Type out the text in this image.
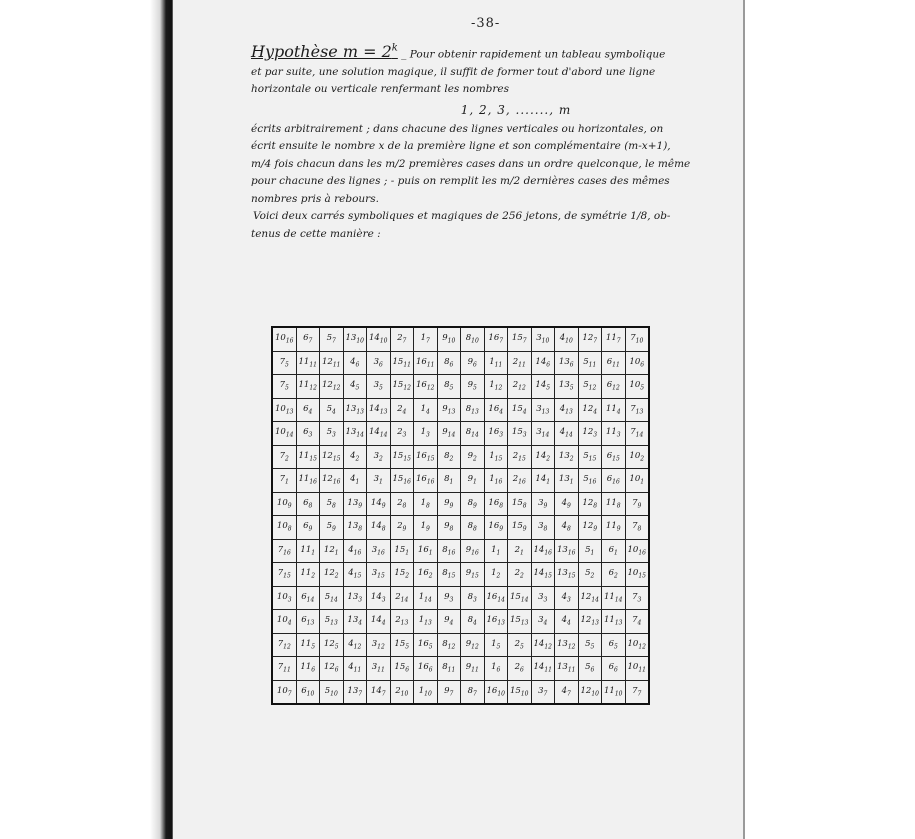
-38-
Hypothèse $m = 2^k$ _ Pour obtenir rapidement un tableau symbolique
et par suite, une solution magique, il suffit de former tout d'abord une ligne
horizontale ou verticale renfermant les nombres
1, 2, 3, ......., m
écrits arbitrairement ; dans chacune des lignes verticales ou horizontales, on
écrit ensuite le nombre x de la première ligne et son complémentaire (m-x+1),
m/4 fois chacun dans les m/2 premières cases dans un ordre quelconque, le même
pour chacune des lignes ; - puis on remplit les m/2 dernières cases des mêmes
nombres pris à rebours.
Voici deux carrés symboliques et magiques de 256 jetons, de symétrie 1/8, ob-
tenus de cette manière :
$10_{16}$	$6_7$	$5_7$	$13_{10}$	$14_{10}$	$2_7$	$1_7$	$9_{10}$	$8_{10}$	$16_7$	$15_7$	$3_{10}$	$4_{10}$	$12_7$	$11_7$	$7_{10}$
$7_5$	$11_{11}$	$12_{11}$	$4_6$	$3_6$	$15_{11}$	$16_{11}$	$8_6$	$9_6$	$1_{11}$	$2_{11}$	$14_6$	$13_6$	$5_{11}$	$6_{11}$	$10_6$
$7_5$	$11_{12}$	$12_{12}$	$4_5$	$3_5$	$15_{12}$	$16_{12}$	$8_5$	$9_5$	$1_{12}$	$2_{12}$	$14_5$	$13_5$	$5_{12}$	$6_{12}$	$10_5$
$10_{13}$	$6_4$	$5_4$	$13_{13}$	$14_{13}$	$2_4$	$1_4$	$9_{13}$	$8_{13}$	$16_4$	$15_4$	$3_{13}$	$4_{13}$	$12_4$	$11_4$	$7_{13}$
$10_{14}$	$6_3$	$5_3$	$13_{14}$	$14_{14}$	$2_3$	$1_3$	$9_{14}$	$8_{14}$	$16_3$	$15_3$	$3_{14}$	$4_{14}$	$12_3$	$11_3$	$7_{14}$
$7_2$	$11_{15}$	$12_{15}$	$4_2$	$3_2$	$15_{15}$	$16_{15}$	$8_2$	$9_2$	$1_{15}$	$2_{15}$	$14_2$	$13_2$	$5_{15}$	$6_{15}$	$10_2$
$7_1$	$11_{16}$	$12_{16}$	$4_1$	$3_1$	$15_{16}$	$16_{16}$	$8_1$	$9_1$	$1_{16}$	$2_{16}$	$14_1$	$13_1$	$5_{16}$	$6_{16}$	$10_1$
$10_9$	$6_8$	$5_8$	$13_9$	$14_9$	$2_8$	$1_8$	$9_9$	$8_9$	$16_8$	$15_8$	$3_9$	$4_9$	$12_8$	$11_8$	$7_9$
$10_8$	$6_9$	$5_9$	$13_8$	$14_8$	$2_9$	$1_9$	$9_8$	$8_8$	$16_9$	$15_9$	$3_8$	$4_8$	$12_9$	$11_9$	$7_8$
$7_{16}$	$11_1$	$12_1$	$4_{16}$	$3_{16}$	$15_1$	$16_1$	$8_{16}$	$9_{16}$	$1_1$	$2_1$	$14_{16}$	$13_{16}$	$5_1$	$6_1$	$10_{16}$
$7_{15}$	$11_2$	$12_2$	$4_{15}$	$3_{15}$	$15_2$	$16_2$	$8_{15}$	$9_{15}$	$1_2$	$2_2$	$14_{15}$	$13_{15}$	$5_2$	$6_2$	$10_{15}$
$10_3$	$6_{14}$	$5_{14}$	$13_3$	$14_3$	$2_{14}$	$1_{14}$	$9_3$	$8_3$	$16_{14}$	$15_{14}$	$3_3$	$4_3$	$12_{14}$	$11_{14}$	$7_3$
$10_4$	$6_{13}$	$5_{13}$	$13_4$	$14_4$	$2_{13}$	$1_{13}$	$9_4$	$8_4$	$16_{13}$	$15_{13}$	$3_4$	$4_4$	$12_{13}$	$11_{13}$	$7_4$
$7_{12}$	$11_5$	$12_5$	$4_{12}$	$3_{12}$	$15_5$	$16_5$	$8_{12}$	$9_{12}$	$1_5$	$2_5$	$14_{12}$	$13_{12}$	$5_5$	$6_5$	$10_{12}$
$7_{11}$	$11_6$	$12_6$	$4_{11}$	$3_{11}$	$15_6$	$16_6$	$8_{11}$	$9_{11}$	$1_6$	$2_6$	$14_{11}$	$13_{11}$	$5_6$	$6_6$	$10_{11}$
$10_7$	$6_{10}$	$5_{10}$	$13_7$	$14_7$	$2_{10}$	$1_{10}$	$9_7$	$8_7$	$16_{10}$	$15_{10}$	$3_7$	$4_7$	$12_{10}$	$11_{10}$	$7_7$
